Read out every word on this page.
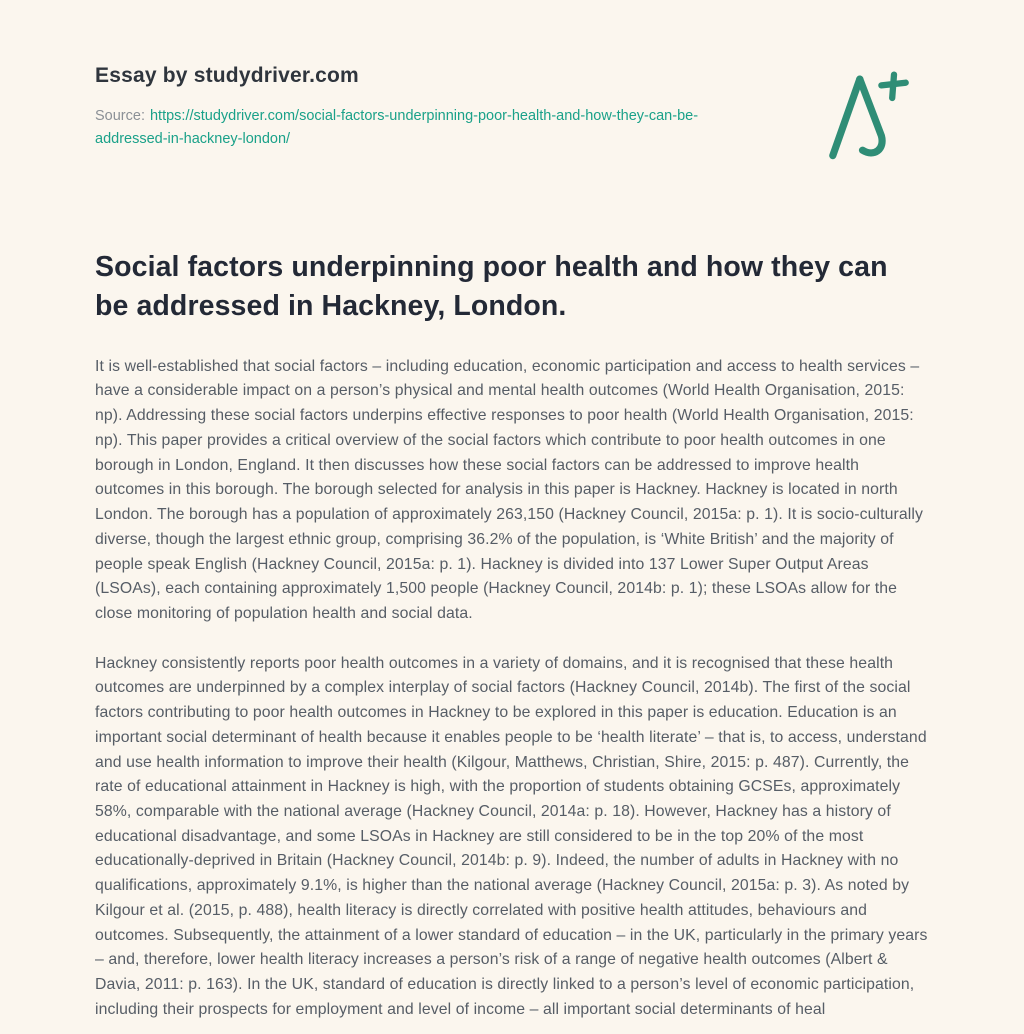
Essay by studydriver.com

Source: https://studydriver.com/social-factors-underpinning-poor-health-and-how-they-can-be-addressed-in-hackney-london/

Social factors underpinning poor health and how they can be addressed in Hackney, London.

It is well-established that social factors – including education, economic participation and access to health services – have a considerable impact on a person’s physical and mental health outcomes (World Health Organisation, 2015: np). Addressing these social factors underpins effective responses to poor health (World Health Organisation, 2015: np). This paper provides a critical overview of the social factors which contribute to poor health outcomes in one borough in London, England. It then discusses how these social factors can be addressed to improve health outcomes in this borough. The borough selected for analysis in this paper is Hackney. Hackney is located in north London. The borough has a population of approximately 263,150 (Hackney Council, 2015a: p. 1). It is socio-culturally diverse, though the largest ethnic group, comprising 36.2% of the population, is ‘White British’ and the majority of people speak English (Hackney Council, 2015a: p. 1). Hackney is divided into 137 Lower Super Output Areas (LSOAs), each containing approximately 1,500 people (Hackney Council, 2014b: p. 1); these LSOAs allow for the close monitoring of population health and social data.

Hackney consistently reports poor health outcomes in a variety of domains, and it is recognised that these health outcomes are underpinned by a complex interplay of social factors (Hackney Council, 2014b). The first of the social factors contributing to poor health outcomes in Hackney to be explored in this paper is education. Education is an important social determinant of health because it enables people to be ‘health literate’ – that is, to access, understand and use health information to improve their health (Kilgour, Matthews, Christian, Shire, 2015: p. 487). Currently, the rate of educational attainment in Hackney is high, with the proportion of students obtaining GCSEs, approximately 58%, comparable with the national average (Hackney Council, 2014a: p. 18). However, Hackney has a history of educational disadvantage, and some LSOAs in Hackney are still considered to be in the top 20% of the most educationally-deprived in Britain (Hackney Council, 2014b: p. 9). Indeed, the number of adults in Hackney with no qualifications, approximately 9.1%, is higher than the national average (Hackney Council, 2015a: p. 3). As noted by Kilgour et al. (2015, p. 488), health literacy is directly correlated with positive health attitudes, behaviours and outcomes. Subsequently, the attainment of a lower standard of education – in the UK, particularly in the primary years – and, therefore, lower health literacy increases a person’s risk of a range of negative health outcomes (Albert & Davia, 2011: p. 163). In the UK, standard of education is directly linked to a person’s level of economic participation, including their prospects for employment and level of income – all important social determinants of heal
